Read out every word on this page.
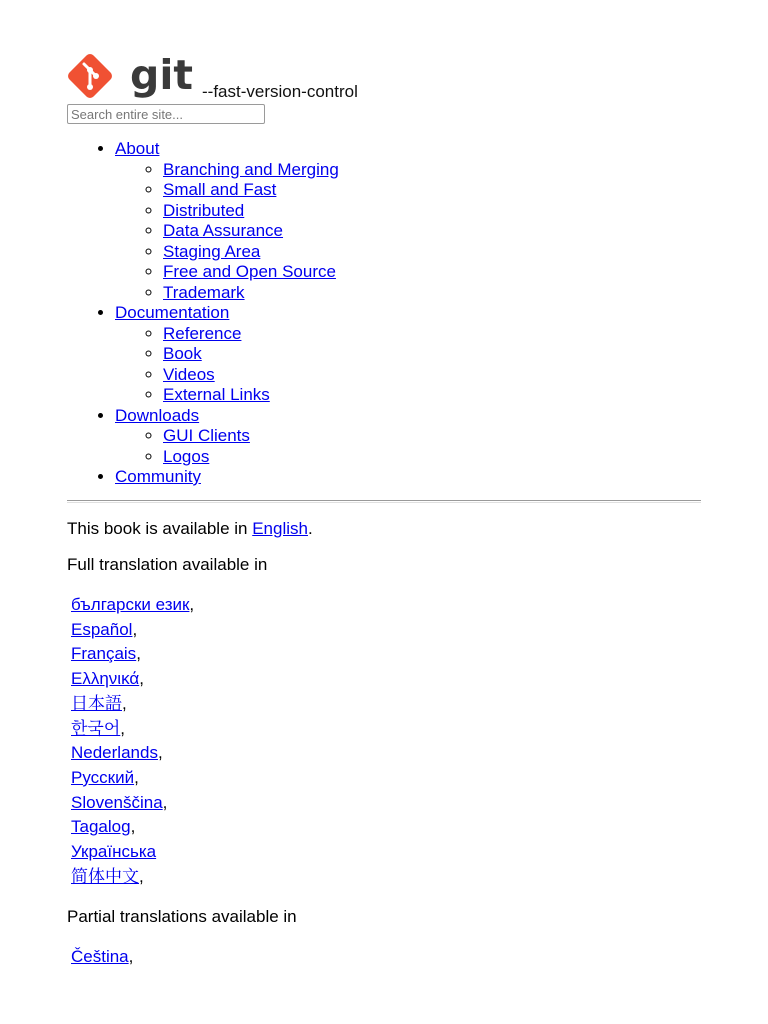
git --fast-version-control
Search entire site...
• About
◦ Branching and Merging
◦ Small and Fast
◦ Distributed
◦ Data Assurance
◦ Staging Area
◦ Free and Open Source
◦ Trademark
• Documentation
◦ Reference
◦ Book
◦ Videos
◦ External Links
• Downloads
◦ GUI Clients
◦ Logos
• Community

This book is available in English.

Full translation available in

български език,
Español,
Français,
Ελληνικά,
日本語,
한국어,
Nederlands,
Русский,
Slovenščina,
Tagalog,
Українська
简体中文,

Partial translations available in

Čeština,
